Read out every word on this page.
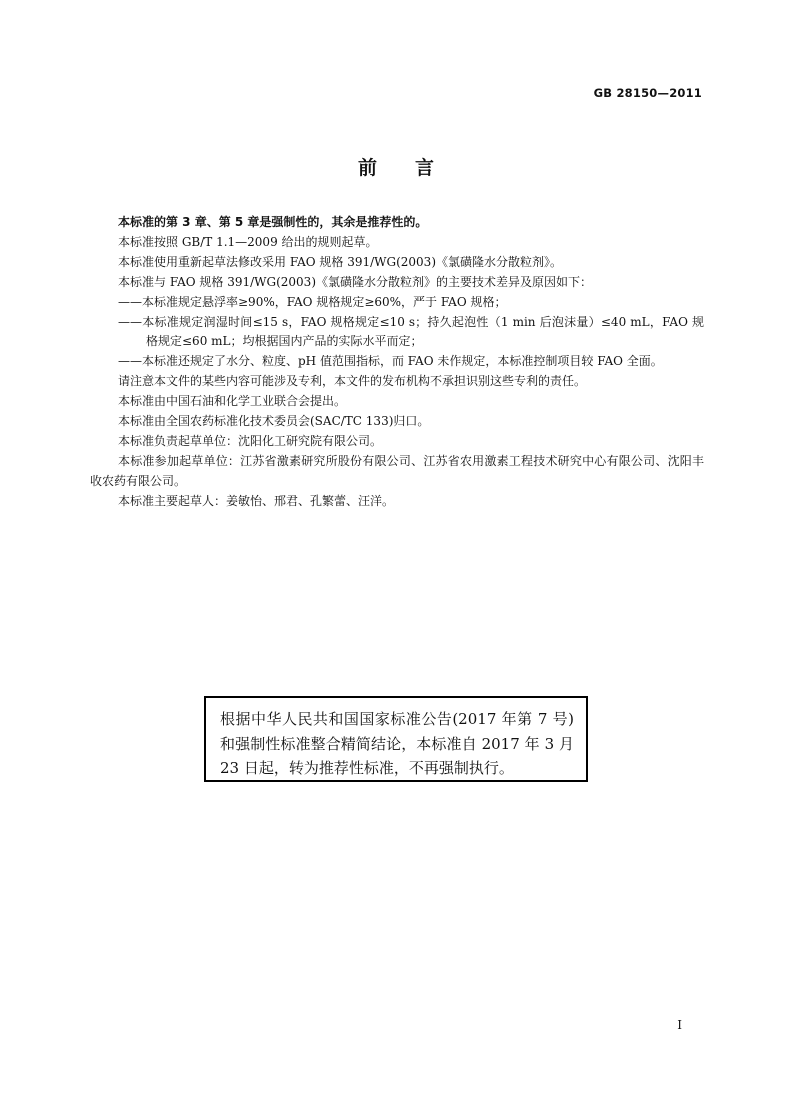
GB 28150—2011
前　　言

本标准的第 3 章、第 5 章是强制性的，其余是推荐性的。

本标准按照 GB/T 1.1—2009 给出的规则起草。

本标准使用重新起草法修改采用 FAO 规格 391/WG(2003)《氯磺隆水分散粒剂》。

本标准与 FAO 规格 391/WG(2003)《氯磺隆水分散粒剂》的主要技术差异及原因如下：

——本标准规定悬浮率≥90%，FAO 规格规定≥60%，严于 FAO 规格；

——本标准规定润湿时间≤15 s，FAO 规格规定≤10 s；持久起泡性（1 min 后泡沫量）≤40 mL，FAO 规格规定≤60 mL；均根据国内产品的实际水平而定；

——本标准还规定了水分、粒度、pH 值范围指标，而 FAO 未作规定，本标准控制项目较 FAO 全面。

请注意本文件的某些内容可能涉及专利，本文件的发布机构不承担识别这些专利的责任。

本标准由中国石油和化学工业联合会提出。

本标准由全国农药标准化技术委员会(SAC/TC 133)归口。

本标准负责起草单位：沈阳化工研究院有限公司。

本标准参加起草单位：江苏省激素研究所股份有限公司、江苏省农用激素工程技术研究中心有限公司、沈阳丰收农药有限公司。

本标准主要起草人：姜敏怡、邢君、孔繁蕾、汪洋。

根据中华人民共和国国家标准公告(2017 年第 7 号)和强制性标准整合精简结论，本标准自 2017 年 3 月 23 日起，转为推荐性标准，不再强制执行。
I
